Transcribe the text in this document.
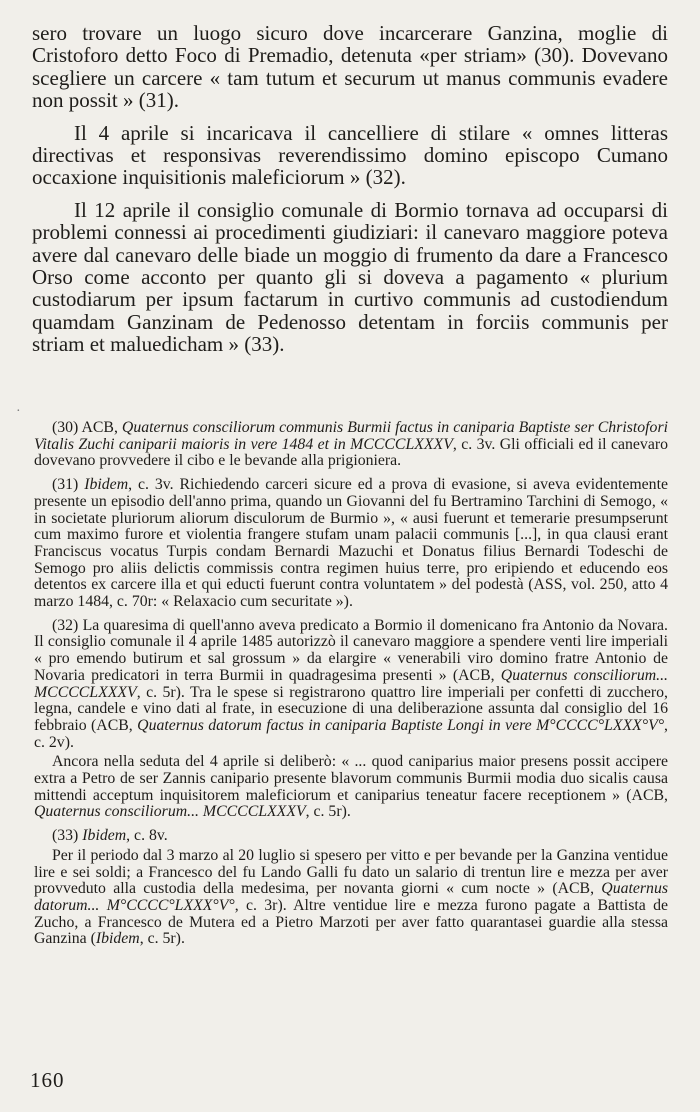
sero trovare un luogo sicuro dove incarcerare Ganzina, moglie di Cristoforo detto Foco di Premadio, detenuta «per striam» (30). Dovevano scegliere un carcere « tam tutum et securum ut manus communis evadere non possit » (31).

Il 4 aprile si incaricava il cancelliere di stilare « omnes litteras directivas et responsivas reverendissimo domino episcopo Cumano occaxione inquisitionis maleficiorum » (32).

Il 12 aprile il consiglio comunale di Bormio tornava ad occuparsi di problemi connessi ai procedimenti giudiziari: il canevaro maggiore poteva avere dal canevaro delle biade un moggio di frumento da dare a Francesco Orso come acconto per quanto gli si doveva a pagamento « plurium custodiarum per ipsum factarum in curtivo communis ad custodiendum quamdam Ganzinam de Pedenosso detentam in forciis communis per striam et maluedicham » (33).

·

(30) ACB, Quaternus consciliorum communis Burmii factus in caniparia Baptiste ser Christofori Vitalis Zuchi caniparii maioris in vere 1484 et in MCCCCLXXXV, c. 3v. Gli officiali ed il canevaro dovevano provvedere il cibo e le bevande alla prigioniera.

(31) Ibidem, c. 3v. Richiedendo carceri sicure ed a prova di evasione, si aveva evidentemente presente un episodio dell'anno prima, quando un Giovanni del fu Bertramino Tarchini di Semogo, « in societate pluriorum aliorum disculorum de Burmio », « ausi fuerunt et temerarie presumpserunt cum maximo furore et violentia frangere stufam unam palacii communis [...], in qua clausi erant Franciscus vocatus Turpis condam Bernardi Mazuchi et Donatus filius Bernardi Todeschi de Semogo pro aliis delictis commissis contra regimen huius terre, pro eripiendo et educendo eos detentos ex carcere illa et qui educti fuerunt contra voluntatem » del podestà (ASS, vol. 250, atto 4 marzo 1484, c. 70r: « Relaxacio cum securitate »).

(32) La quaresima di quell'anno aveva predicato a Bormio il domenicano fra Antonio da Novara. Il consiglio comunale il 4 aprile 1485 autorizzò il canevaro maggiore a spendere venti lire imperiali « pro emendo butirum et sal grossum » da elargire « venerabili viro domino fratre Antonio de Novaria predicatori in terra Burmii in quadragesima presenti » (ACB, Quaternus consciliorum... MCCCCLXXXV, c. 5r). Tra le spese si registrarono quattro lire imperiali per confetti di zucchero, legna, candele e vino dati al frate, in esecuzione di una deliberazione assunta dal consiglio del 16 febbraio (ACB, Quaternus datorum factus in caniparia Baptiste Longi in vere M°CCCC°LXXX°V°, c. 2v).

Ancora nella seduta del 4 aprile si deliberò: « ... quod caniparius maior presens possit accipere extra a Petro de ser Zannis canipario presente blavorum communis Burmii modia duo sicalis causa mittendi acceptum inquisitorem maleficiorum et caniparius teneatur facere receptionem » (ACB, Quaternus consciliorum... MCCCCLXXXV, c. 5r).

(33) Ibidem, c. 8v.

Per il periodo dal 3 marzo al 20 luglio si spesero per vitto e per bevande per la Ganzina ventidue lire e sei soldi; a Francesco del fu Lando Galli fu dato un salario di trentun lire e mezza per aver provveduto alla custodia della medesima, per novanta giorni « cum nocte » (ACB, Quaternus datorum... M°CCCC°LXXX°V°, c. 3r). Altre ventidue lire e mezza furono pagate a Battista de Zucho, a Francesco de Mutera ed a Pietro Marzoti per aver fatto quarantasei guardie alla stessa Ganzina (Ibidem, c. 5r).

160
